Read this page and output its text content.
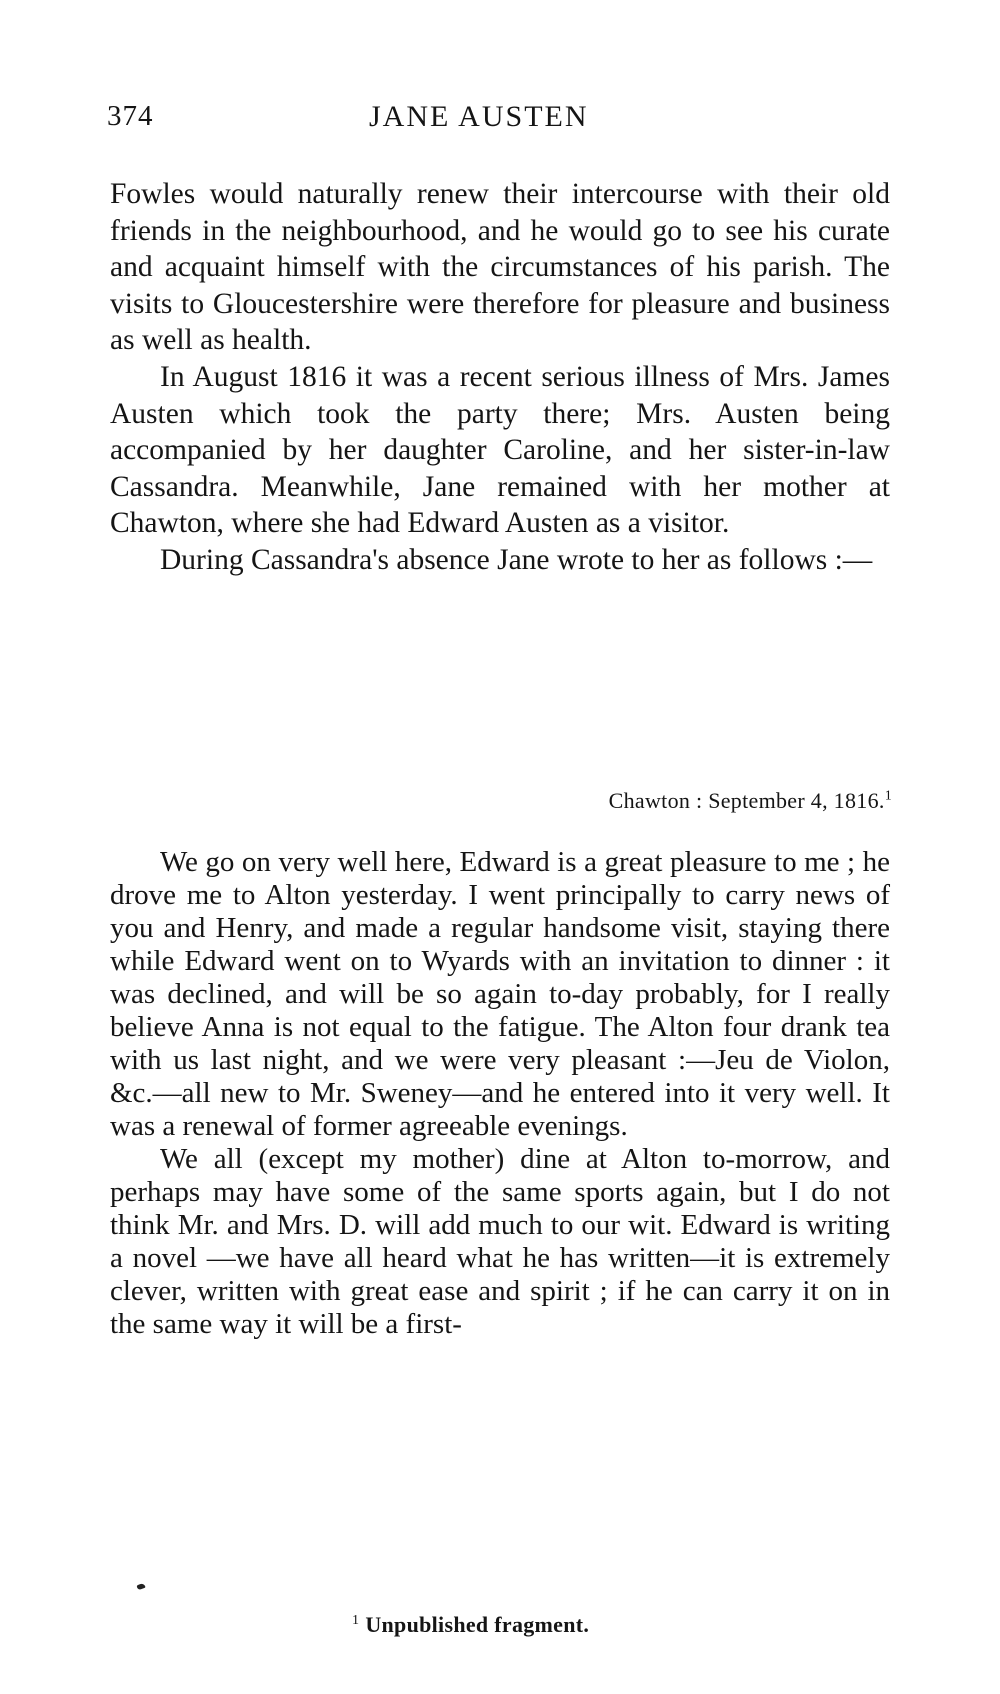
374	JANE AUSTEN

Fowles would naturally renew their intercourse with their old friends in the neighbourhood, and he would go to see his curate and acquaint himself with the circumstances of his parish. The visits to Gloucestershire were therefore for pleasure and business as well as health.

In August 1816 it was a recent serious illness of Mrs. James Austen which took the party there; Mrs. Austen being accompanied by her daughter Caroline, and her sister-in-law Cassandra. Meanwhile, Jane remained with her mother at Chawton, where she had Edward Austen as a visitor.

During Cassandra's absence Jane wrote to her as follows :—

Chawton : September 4, 1816.$^1$

We go on very well here, Edward is a great pleasure to me ; he drove me to Alton yesterday. I went principally to carry news of you and Henry, and made a regular handsome visit, staying there while Edward went on to Wyards with an invitation to dinner : it was declined, and will be so again to-day probably, for I really believe Anna is not equal to the fatigue. The Alton four drank tea with us last night, and we were very pleasant :—Jeu de Violon, &c.—all new to Mr. Sweney—and he entered into it very well. It was a renewal of former agreeable evenings.

We all (except my mother) dine at Alton to-morrow, and perhaps may have some of the same sports again, but I do not think Mr. and Mrs. D. will add much to our wit. Edward is writing a novel —we have all heard what he has written—it is extremely clever, written with great ease and spirit ; if he can carry it on in the same way it will be a first-

$^1$ Unpublished fragment.
